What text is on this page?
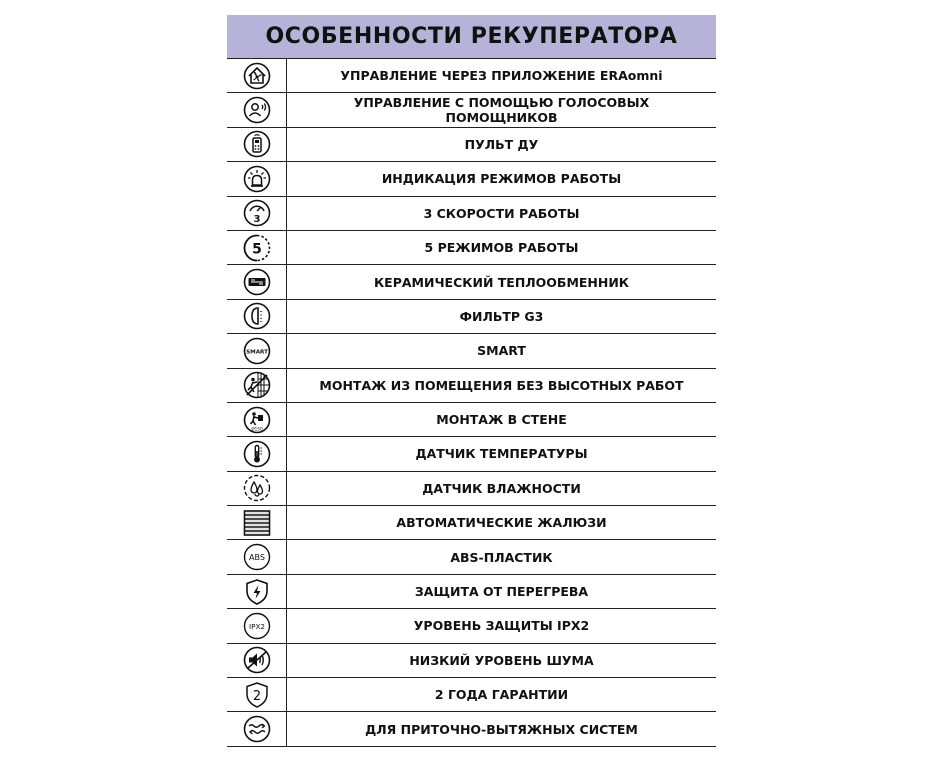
ОСОБЕННОСТИ РЕКУПЕРАТОРА
УПРАВЛЕНИЕ ЧЕРЕЗ ПРИЛОЖЕНИЕ ERAomni
УПРАВЛЕНИЕ С ПОМОЩЬЮ ГОЛОСОВЫХ ПОМОЩНИКОВ
ПУЛЬТ ДУ
ИНДИКАЦИЯ РЕЖИМОВ РАБОТЫ
3	3 СКОРОСТИ РАБОТЫ
5	5 РЕЖИМОВ РАБОТЫ
КЕРАМИЧЕСКИЙ ТЕПЛООБМЕННИК
ФИЛЬТР G3
SMART	SMART
МОНТАЖ ИЗ ПОМЕЩЕНИЯ БЕЗ ВЫСОТНЫХ РАБОТ
Ø150
МОНТАЖ В СТЕНЕ
ДАТЧИК ТЕМПЕРАТУРЫ
ДАТЧИК ВЛАЖНОСТИ
АВТОМАТИЧЕСКИЕ ЖАЛЮЗИ
ABS	ABS-ПЛАСТИК
ЗАЩИТА ОТ ПЕРЕГРЕВА
IPX2	УРОВЕНЬ ЗАЩИТЫ IPX2
НИЗКИЙ УРОВЕНЬ ШУМА
2	2 ГОДА ГАРАНТИИ
ДЛЯ ПРИТОЧНО-ВЫТЯЖНЫХ СИСТЕМ
